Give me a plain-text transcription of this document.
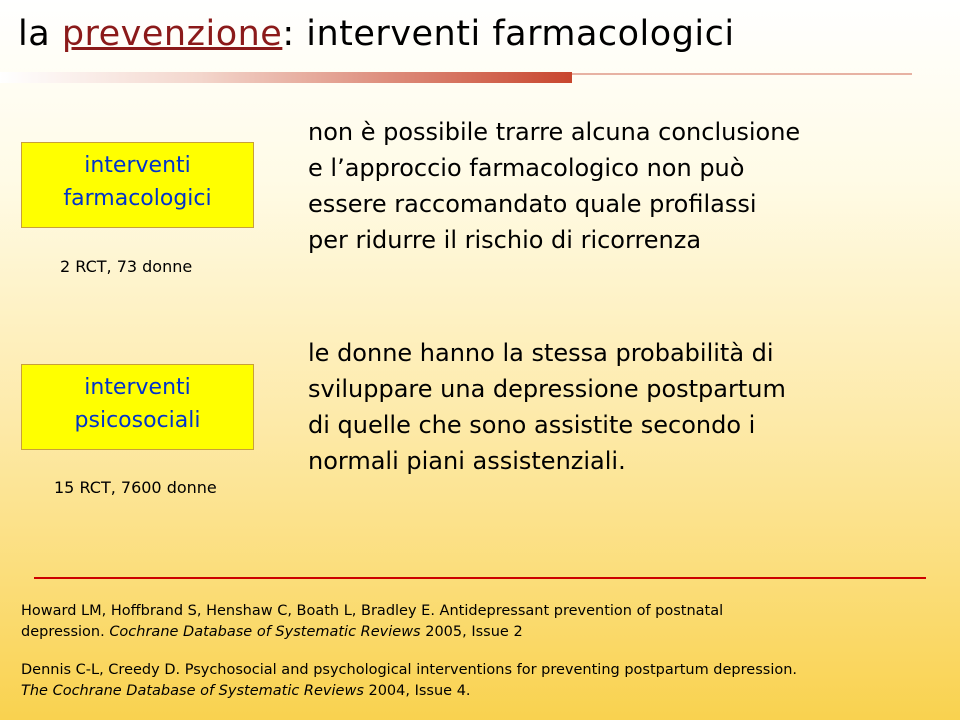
la prevenzione: interventi farmacologici
interventi
farmacologici
2 RCT, 73 donne
interventi
psicosociali
15 RCT, 7600 donne
non è possibile trarre alcuna conclusione
e l’approccio farmacologico non può
essere raccomandato quale profilassi
per ridurre il rischio di ricorrenza
le donne hanno la stessa probabilità di
sviluppare una depressione postpartum
di quelle che sono assistite secondo i
normali piani assistenziali.
Howard LM, Hoffbrand S, Henshaw C, Boath L, Bradley E. Antidepressant prevention of postnatal
depression. Cochrane Database of Systematic Reviews 2005, Issue 2
Dennis C-L, Creedy D. Psychosocial and psychological interventions for preventing postpartum depression.
The Cochrane Database of Systematic Reviews 2004, Issue 4.
